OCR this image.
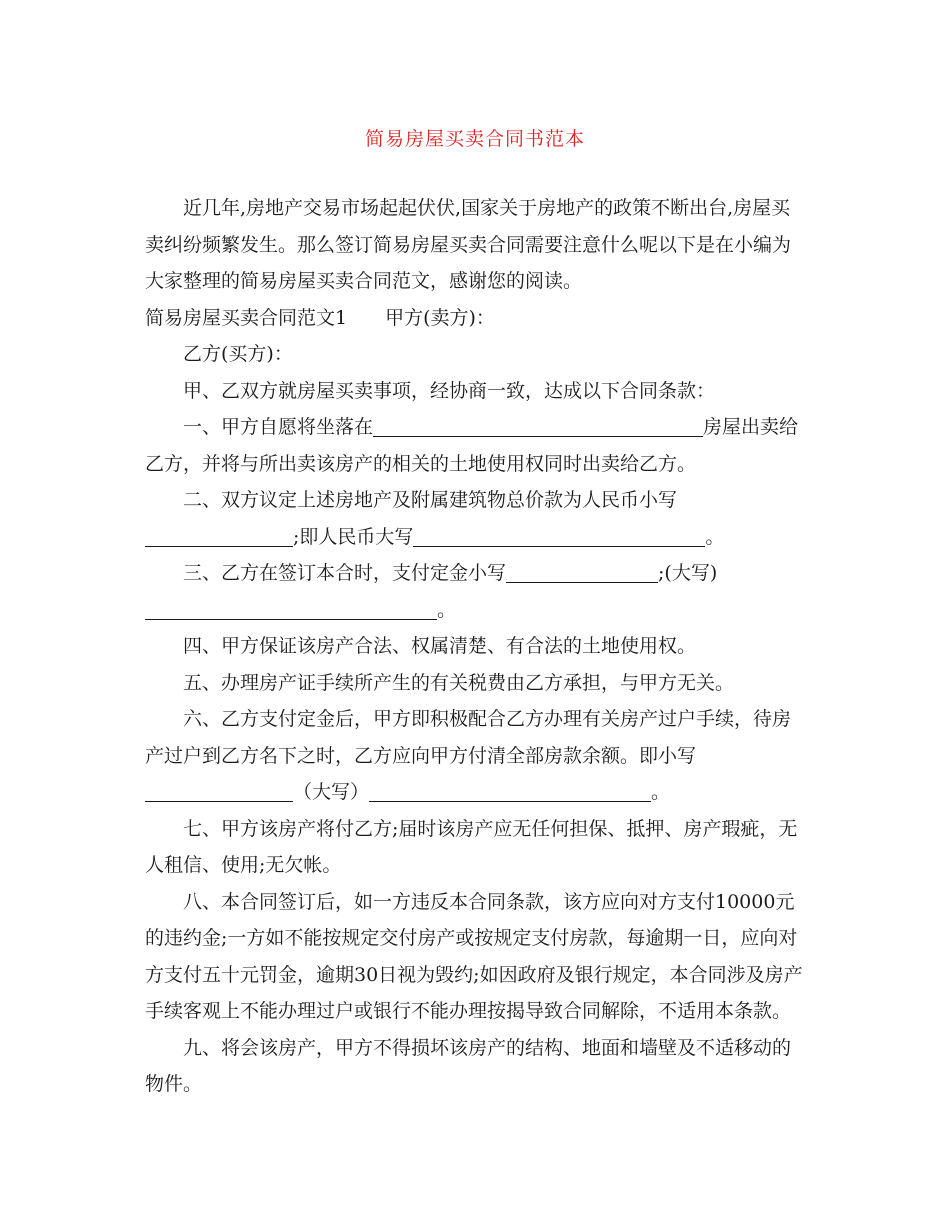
简易房屋买卖合同书范本

近几年,房地产交易市场起起伏伏,国家关于房地产的政策不断出台,房屋买卖纠纷频繁发生。那么签订简易房屋买卖合同需要注意什么呢以下是在小编为大家整理的简易房屋买卖合同范文，感谢您的阅读。

简易房屋买卖合同范文1 甲方(卖方)：

乙方(买方)：

甲、乙双方就房屋买卖事项，经协商一致，达成以下合同条款：

一、甲方自愿将坐落在	房屋出卖给乙方，并将与所出卖该房产的相关的土地使用权同时出卖给乙方。

二、双方议定上述房地产及附属建筑物总价款为人民币小写;即人民币大写	。

三、乙方在签订本合时，支付定金小写	;(大写)。

四、甲方保证该房产合法、权属清楚、有合法的土地使用权。

五、办理房产证手续所产生的有关税费由乙方承担，与甲方无关。

六、乙方支付定金后，甲方即积极配合乙方办理有关房产过户手续，待房产过户到乙方名下之时，乙方应向甲方付清全部房款余额。即小写（大写）	。

七、甲方该房产将付乙方;届时该房产应无任何担保、抵押、房产瑕疵，无人租信、使用;无欠帐。

八、本合同签订后，如一方违反本合同条款，该方应向对方支付10000元的违约金;一方如不能按规定交付房产或按规定支付房款，每逾期一日，应向对方支付五十元罚金，逾期30日视为毁约;如因政府及银行规定，本合同涉及房产手续客观上不能办理过户或银行不能办理按揭导致合同解除，不适用本条款。

九、将会该房产，甲方不得损坏该房产的结构、地面和墙壁及不适移动的物件。
